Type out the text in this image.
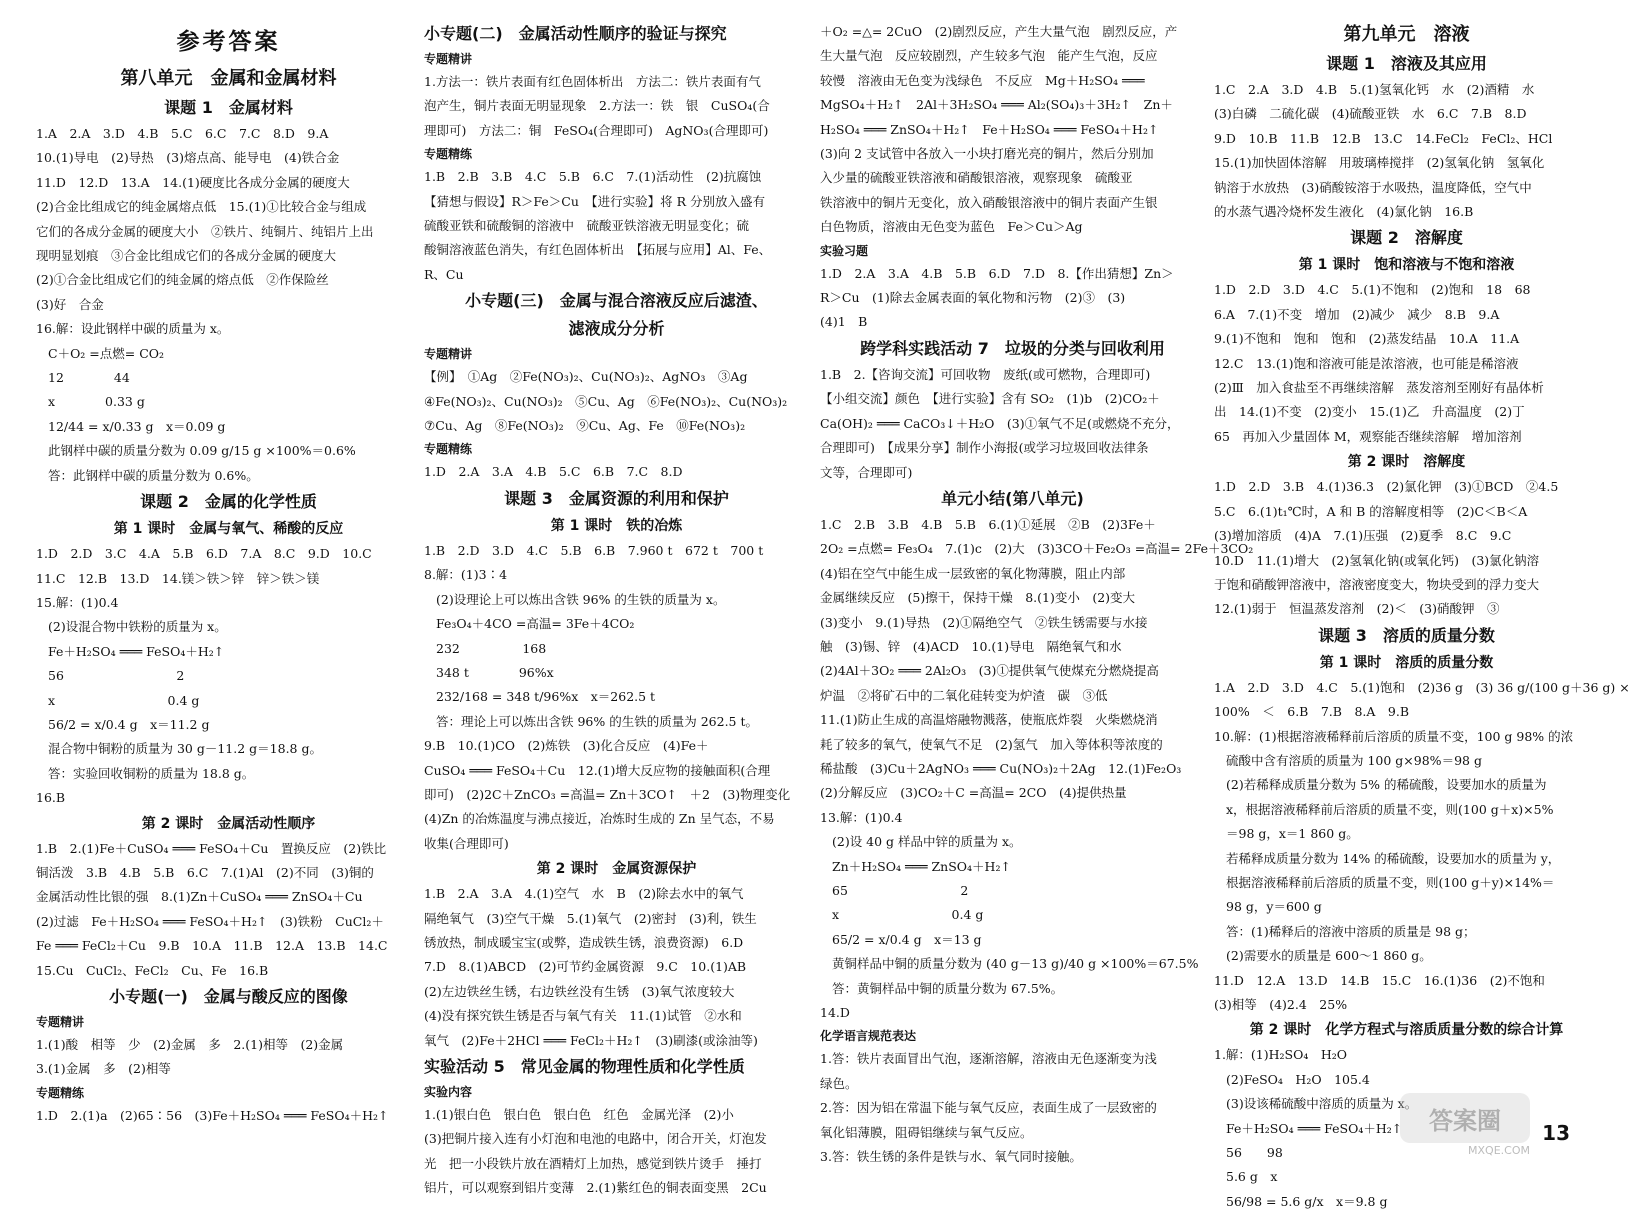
参考答案
第八单元　金属和金属材料
课题 1　金属材料
1.A　2.A　3.D　4.B　5.C　6.C　7.C　8.D　9.A
10.(1)导电　(2)导热　(3)熔点高、能导电　(4)铁合金
11.D　12.D　13.A　14.(1)硬度比各成分金属的硬度大
(2)合金比组成它的纯金属熔点低　15.(1)①比较合金与组成
它们的各成分金属的硬度大小　②铁片、纯铜片、纯铝片上出
现明显划痕　③合金比组成它们的各成分金属的硬度大
(2)①合金比组成它们的纯金属的熔点低　②作保险丝
(3)好　合金
16.解：设此钢样中碳的质量为 x。
C＋O₂ =点燃= CO₂
12　　　　44
x　　　　0.33 g
12/44 = x/0.33 g　x＝0.09 g
此钢样中碳的质量分数为 0.09 g/15 g ×100%＝0.6%
答：此钢样中碳的质量分数为 0.6%。
课题 2　金属的化学性质
第 1 课时　金属与氧气、稀酸的反应
1.D　2.D　3.C　4.A　5.B　6.D　7.A　8.C　9.D　10.C
11.C　12.B　13.D　14.镁＞铁＞锌　锌＞铁＞镁
15.解：(1)0.4
(2)设混合物中铁粉的质量为 x。
Fe＋H₂SO₄ ═══ FeSO₄＋H₂↑
56　　　　　　　　　2
x　　　　　　　　　0.4 g
56/2 = x/0.4 g　x＝11.2 g
混合物中铜粉的质量为 30 g－11.2 g＝18.8 g。
答：实验回收铜粉的质量为 18.8 g。
16.B
第 2 课时　金属活动性顺序
1.B　2.(1)Fe＋CuSO₄ ═══ FeSO₄＋Cu　置换反应　(2)铁比
铜活泼　3.B　4.B　5.B　6.C　7.(1)Al　(2)不同　(3)铜的
金属活动性比银的强　8.(1)Zn＋CuSO₄ ═══ ZnSO₄＋Cu
(2)过滤　Fe＋H₂SO₄ ═══ FeSO₄＋H₂↑　(3)铁粉　CuCl₂＋
Fe ═══ FeCl₂＋Cu　9.B　10.A　11.B　12.A　13.B　14.C
15.Cu　CuCl₂、FeCl₂　Cu、Fe　16.B
小专题(一)　金属与酸反应的图像
专题精讲
1.(1)酸　相等　少　(2)金属　多　2.(1)相等　(2)金属
3.(1)金属　多　(2)相等
专题精练
1.D　2.(1)a　(2)65∶56　(3)Fe＋H₂SO₄ ═══ FeSO₄＋H₂↑
小专题(二)　金属活动性顺序的验证与探究
专题精讲
1.方法一：铁片表面有红色固体析出　方法二：铁片表面有气
泡产生，铜片表面无明显现象　2.方法一：铁　银　CuSO₄(合
理即可)　方法二：铜　FeSO₄(合理即可)　AgNO₃(合理即可)
专题精练
1.B　2.B　3.B　4.C　5.B　6.C　7.(1)活动性　(2)抗腐蚀
【猜想与假设】R＞Fe＞Cu　【进行实验】将 R 分别放入盛有
硫酸亚铁和硫酸铜的溶液中　硫酸亚铁溶液无明显变化；硫
酸铜溶液蓝色消失，有红色固体析出　【拓展与应用】Al、Fe、
R、Cu
小专题(三)　金属与混合溶液反应后滤渣、
滤液成分分析
专题精讲
【例】　①Ag　②Fe(NO₃)₂、Cu(NO₃)₂、AgNO₃　③Ag
④Fe(NO₃)₂、Cu(NO₃)₂　⑤Cu、Ag　⑥Fe(NO₃)₂、Cu(NO₃)₂
⑦Cu、Ag　⑧Fe(NO₃)₂　⑨Cu、Ag、Fe　⑩Fe(NO₃)₂
专题精练
1.D　2.A　3.A　4.B　5.C　6.B　7.C　8.D
课题 3　金属资源的利用和保护
第 1 课时　铁的冶炼
1.B　2.D　3.D　4.C　5.B　6.B　7.960 t　672 t　700 t
8.解：(1)3∶4
(2)设理论上可以炼出含铁 96% 的生铁的质量为 x。
Fe₃O₄＋4CO =高温= 3Fe＋4CO₂
232　　　　　168
348 t　　　　96%x
232/168 = 348 t/96%x　x＝262.5 t
答：理论上可以炼出含铁 96% 的生铁的质量为 262.5 t。
9.B　10.(1)CO　(2)炼铁　(3)化合反应　(4)Fe＋
CuSO₄ ═══ FeSO₄＋Cu　12.(1)增大反应物的接触面积(合理
即可)　(2)2C＋ZnCO₃ =高温= Zn＋3CO↑　＋2　(3)物理变化
(4)Zn 的冶炼温度与沸点接近，冶炼时生成的 Zn 呈气态，不易
收集(合理即可)
第 2 课时　金属资源保护
1.B　2.A　3.A　4.(1)空气　水　B　(2)除去水中的氧气
隔绝氧气　(3)空气干燥　5.(1)氧气　(2)密封　(3)利，铁生
锈放热，制成暖宝宝(或弊，造成铁生锈，浪费资源)　6.D
7.D　8.(1)ABCD　(2)可节约金属资源　9.C　10.(1)AB
(2)左边铁丝生锈，右边铁丝没有生锈　(3)氧气浓度较大
(4)没有探究铁生锈是否与氧气有关　11.(1)试管　②水和
氧气　(2)Fe＋2HCl ═══ FeCl₂＋H₂↑　(3)刷漆(或涂油等)
实验活动 5　常见金属的物理性质和化学性质
实验内容
1.(1)银白色　银白色　银白色　红色　金属光泽　(2)小
(3)把铜片接入连有小灯泡和电池的电路中，闭合开关，灯泡发
光　把一小段铁片放在酒精灯上加热，感觉到铁片烫手　捶打
铝片，可以观察到铝片变薄　2.(1)紫红色的铜表面变黑　2Cu
＋O₂ =△= 2CuO　(2)剧烈反应，产生大量气泡　剧烈反应，产
生大量气泡　反应较剧烈，产生较多气泡　能产生气泡，反应
较慢　溶液由无色变为浅绿色　不反应　Mg＋H₂SO₄ ═══
MgSO₄＋H₂↑　2Al＋3H₂SO₄ ═══ Al₂(SO₄)₃＋3H₂↑　Zn＋
H₂SO₄ ═══ ZnSO₄＋H₂↑　Fe＋H₂SO₄ ═══ FeSO₄＋H₂↑
(3)向 2 支试管中各放入一小块打磨光亮的铜片，然后分别加
入少量的硫酸亚铁溶液和硝酸银溶液，观察现象　硫酸亚
铁溶液中的铜片无变化，放入硝酸银溶液中的铜片表面产生银
白色物质，溶液由无色变为蓝色　Fe＞Cu＞Ag
实验习题
1.D　2.A　3.A　4.B　5.B　6.D　7.D　8.【作出猜想】Zn＞
R＞Cu　(1)除去金属表面的氧化物和污物　(2)③　(3)
(4)1　B
跨学科实践活动 7　垃圾的分类与回收利用
1.B　2.【咨询交流】可回收物　废纸(或可燃物，合理即可)
【小组交流】颜色　【进行实验】含有 SO₂　(1)b　(2)CO₂＋
Ca(OH)₂ ═══ CaCO₃↓＋H₂O　(3)①氧气不足(或燃烧不充分，
合理即可)　【成果分享】制作小海报(或学习垃圾回收法律条
文等，合理即可)
单元小结(第八单元)
1.C　2.B　3.B　4.B　5.B　6.(1)①延展　②B　(2)3Fe＋
2O₂ =点燃= Fe₃O₄　7.(1)c　(2)大　(3)3CO＋Fe₂O₃ =高温= 2Fe＋3CO₂
(4)铝在空气中能生成一层致密的氧化物薄膜，阻止内部
金属继续反应　(5)擦干，保持干燥　8.(1)变小　(2)变大
(3)变小　9.(1)导热　(2)①隔绝空气　②铁生锈需要与水接
触　(3)锡、锌　(4)ACD　10.(1)导电　隔绝氧气和水
(2)4Al＋3O₂ ═══ 2Al₂O₃　(3)①提供氧气使煤充分燃烧提高
炉温　②将矿石中的二氧化硅转变为炉渣　碳　③低
11.(1)防止生成的高温熔融物溅落，使瓶底炸裂　火柴燃烧消
耗了较多的氧气，使氧气不足　(2)氢气　加入等体积等浓度的
稀盐酸　(3)Cu＋2AgNO₃ ═══ Cu(NO₃)₂＋2Ag　12.(1)Fe₂O₃
(2)分解反应　(3)CO₂＋C =高温= 2CO　(4)提供热量
13.解：(1)0.4
(2)设 40 g 样品中锌的质量为 x。
Zn＋H₂SO₄ ═══ ZnSO₄＋H₂↑
65　　　　　　　　　2
x　　　　　　　　　0.4 g
65/2 = x/0.4 g　x＝13 g
黄铜样品中铜的质量分数为 (40 g－13 g)/40 g ×100%＝67.5%
答：黄铜样品中铜的质量分数为 67.5%。
14.D
化学语言规范表达
1.答：铁片表面冒出气泡，逐渐溶解，溶液由无色逐渐变为浅
绿色。
2.答：因为铝在常温下能与氧气反应，表面生成了一层致密的
氧化铝薄膜，阻碍铝继续与氧气反应。
3.答：铁生锈的条件是铁与水、氧气同时接触。
第九单元　溶液
课题 1　溶液及其应用
1.C　2.A　3.D　4.B　5.(1)氢氧化钙　水　(2)酒精　水
(3)白磷　二硫化碳　(4)硫酸亚铁　水　6.C　7.B　8.D
9.D　10.B　11.B　12.B　13.C　14.FeCl₂　FeCl₂、HCl
15.(1)加快固体溶解　用玻璃棒搅拌　(2)氢氧化钠　氢氧化
钠溶于水放热　(3)硝酸铵溶于水吸热，温度降低，空气中
的水蒸气遇冷烧杯发生液化　(4)氯化钠　16.B
课题 2　溶解度
第 1 课时　饱和溶液与不饱和溶液
1.D　2.D　3.D　4.C　5.(1)不饱和　(2)饱和　18　68
6.A　7.(1)不变　增加　(2)减少　减少　8.B　9.A
9.(1)不饱和　饱和　饱和　(2)蒸发结晶　10.A　11.A
12.C　13.(1)饱和溶液可能是浓溶液，也可能是稀溶液
(2)Ⅲ　加入食盐至不再继续溶解　蒸发溶剂至刚好有晶体析
出　14.(1)不变　(2)变小　15.(1)乙　升高温度　(2)丁
65　再加入少量固体 M，观察能否继续溶解　增加溶剂
第 2 课时　溶解度
1.D　2.D　3.B　4.(1)36.3　(2)氯化钾　(3)①BCD　②4.5
5.C　6.(1)t₁℃时，A 和 B 的溶解度相等　(2)C＜B＜A
(3)增加溶质　(4)A　7.(1)压强　(2)夏季　8.C　9.C
10.D　11.(1)增大　(2)氢氧化钠(或氧化钙)　(3)氯化钠溶
于饱和硝酸钾溶液中，溶液密度变大，物块受到的浮力变大
12.(1)弱于　恒温蒸发溶剂　(2)＜　(3)硝酸钾　③
课题 3　溶质的质量分数
第 1 课时　溶质的质量分数
1.A　2.D　3.D　4.C　5.(1)饱和　(2)36 g　(3) 36 g/(100 g＋36 g) ×
100%　＜　6.B　7.B　8.A　9.B
10.解：(1)根据溶液稀释前后溶质的质量不变，100 g 98% 的浓
硫酸中含有溶质的质量为 100 g×98%＝98 g
(2)若稀释成质量分数为 5% 的稀硫酸，设要加水的质量为
x，根据溶液稀释前后溶质的质量不变，则(100 g＋x)×5%
＝98 g，x＝1 860 g。
若稀释成质量分数为 14% 的稀硫酸，设要加水的质量为 y，
根据溶液稀释前后溶质的质量不变，则(100 g＋y)×14%＝
98 g，y＝600 g
答：(1)稀释后的溶液中溶质的质量是 98 g；
(2)需要水的质量是 600～1 860 g。
11.D　12.A　13.D　14.B　15.C　16.(1)36　(2)不饱和
(3)相等　(4)2.4　25%
第 2 课时　化学方程式与溶质质量分数的综合计算
1.解：(1)H₂SO₄　H₂O
(2)FeSO₄　H₂O　105.4
(3)设该稀硫酸中溶质的质量为 x。
Fe＋H₂SO₄ ═══ FeSO₄＋H₂↑
56　　98
5.6 g　x
56/98 = 5.6 g/x　x＝9.8 g
答案圈
MXQE.COM
13
